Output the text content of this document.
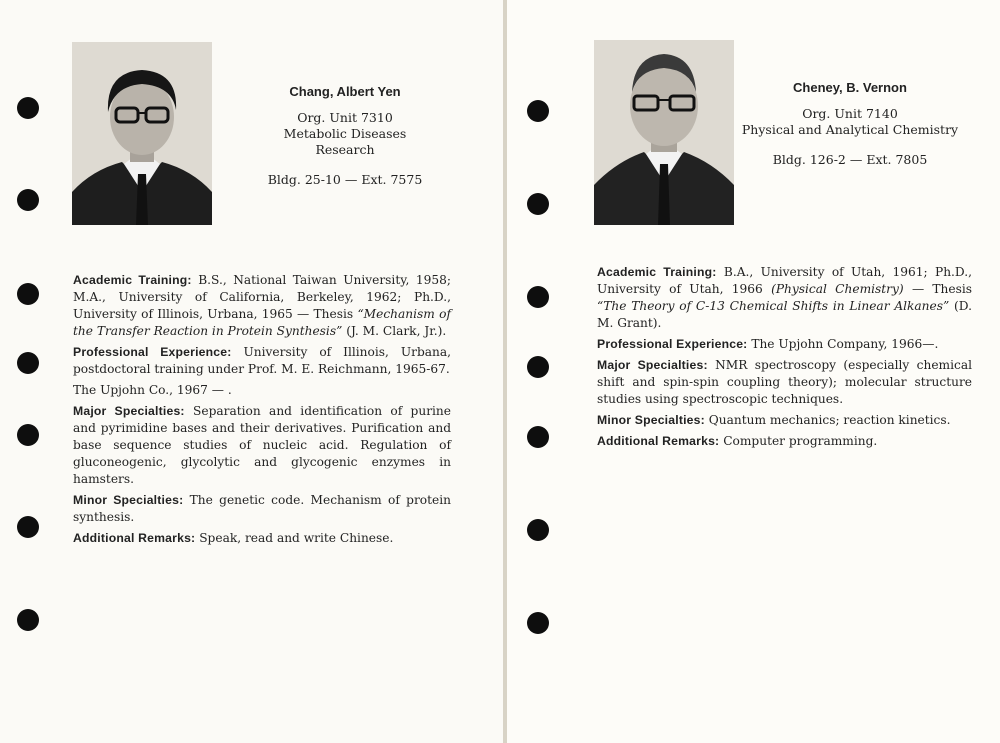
Chang, Albert Yen
Org. Unit 7310
Metabolic Diseases
Research
Bldg. 25-10 — Ext. 7575
Cheney, B. Vernon
Org. Unit 7140
Physical and Analytical Chemistry
Bldg. 126-2 — Ext. 7805

Academic Training: B.S., National Taiwan University, 1958; M.A., University of California, Berkeley, 1962; Ph.D., University of Illinois, Urbana, 1965 — Thesis “Mechanism of the Transfer Reaction in Protein Synthesis” (J. M. Clark, Jr.).

Professional Experience: University of Illinois, Urbana, postdoctoral training under Prof. M. E. Reichmann, 1965-67.

The Upjohn Co., 1967 — .

Major Specialties: Separation and identification of purine and pyrimidine bases and their derivatives. Purification and base sequence studies of nucleic acid. Regulation of gluconeogenic, glycolytic and glycogenic enzymes in hamsters.

Minor Specialties: The genetic code. Mechanism of protein synthesis.

Additional Remarks: Speak, read and write Chinese.

Academic Training: B.A., University of Utah, 1961; Ph.D., University of Utah, 1966 (Physical Chemistry) — Thesis “The Theory of C-13 Chemical Shifts in Linear Alkanes” (D. M. Grant).

Professional Experience: The Upjohn Company, 1966—.

Major Specialties: NMR spectroscopy (especially chemical shift and spin-spin coupling theory); molecular structure studies using spectroscopic techniques.

Minor Specialties: Quantum mechanics; reaction kinetics.

Additional Remarks: Computer programming.
